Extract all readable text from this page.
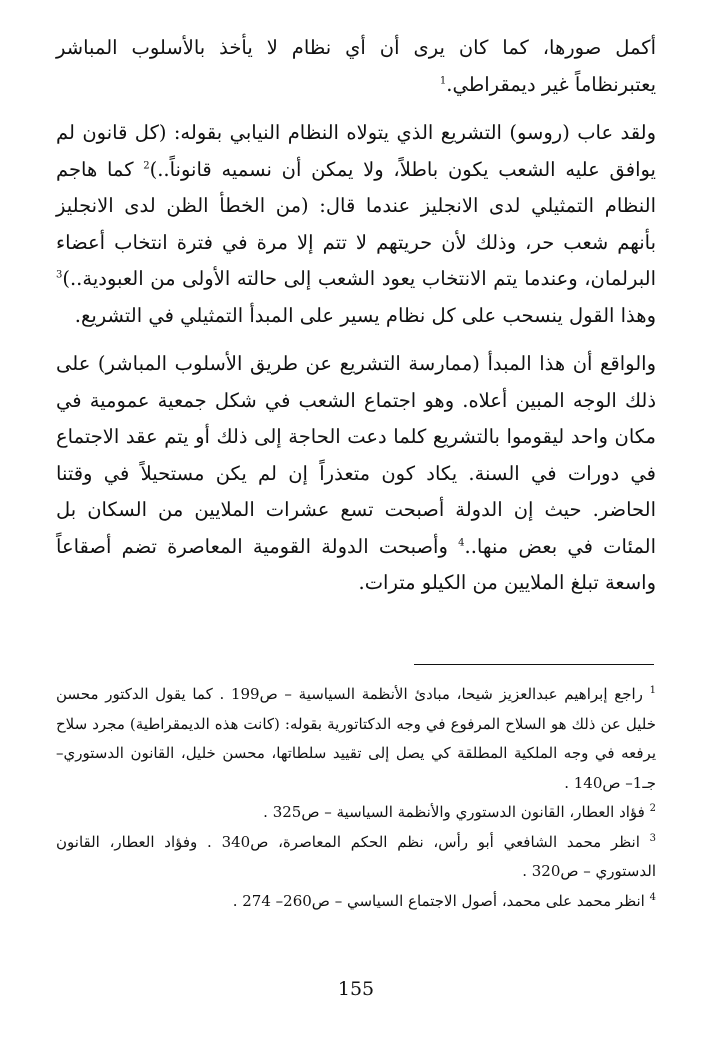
أكمل صورها، كما كان يرى أن أي نظام لا يأخذ بالأسلوب المباشر يعتبرنظاماً غير ديمقراطي.$^1$

ولقد عاب (روسو) التشريع الذي يتولاه النظام النيابي بقوله: (كل قانون لم يوافق عليه الشعب يكون باطلاً، ولا يمكن أن نسميه قانوناً..)$^2$ كما هاجم النظام التمثيلي لدى الانجليز عندما قال: (من الخطأ الظن لدى الانجليز بأنهم شعب حر، وذلك لأن حريتهم لا تتم إلا مرة في فترة انتخاب أعضاء البرلمان، وعندما يتم الانتخاب يعود الشعب إلى حالته الأولى من العبودية..)$^3$ وهذا القول ينسحب على كل نظام يسير على المبدأ التمثيلي في التشريع.

والواقع أن هذا المبدأ (ممارسة التشريع عن طريق الأسلوب المباشر) على ذلك الوجه المبين أعلاه. وهو اجتماع الشعب في شكل جمعية عمومية في مكان واحد ليقوموا بالتشريع كلما دعت الحاجة إلى ذلك أو يتم عقد الاجتماع في دورات في السنة. يكاد كون متعذراً إن لم يكن مستحيلاً في وقتنا الحاضر. حيث إن الدولة أصبحت تسع عشرات الملايين من السكان بل المئات في بعض منها..$^4$ وأصبحت الدولة القومية المعاصرة تضم أصقاعاً واسعة تبلغ الملايين من الكيلو مترات.

$^1$ راجع إبراهيم عبدالعزيز شيحا، مبادئ الأنظمة السياسية – ص199 . كما يقول الدكتور محسن خليل عن ذلك هو السلاح المرفوع في وجه الدكتاتورية بقوله: (كانت هذه الديمقراطية) مجرد سلاح يرفعه في وجه الملكية المطلقة كي يصل إلى تقييد سلطاتها، محسن خليل، القانون الدستوري– جـ1– ص140 .

$^2$ فؤاد العطار، القانون الدستوري والأنظمة السياسية – ص325 .

$^3$ انظر محمد الشافعي أبو رأس، نظم الحكم المعاصرة، ص340 . وفؤاد العطار، القانون الدستوري – ص320 .

$^4$ انظر محمد على محمد، أصول الاجتماع السياسي – ص260– 274 .

155
